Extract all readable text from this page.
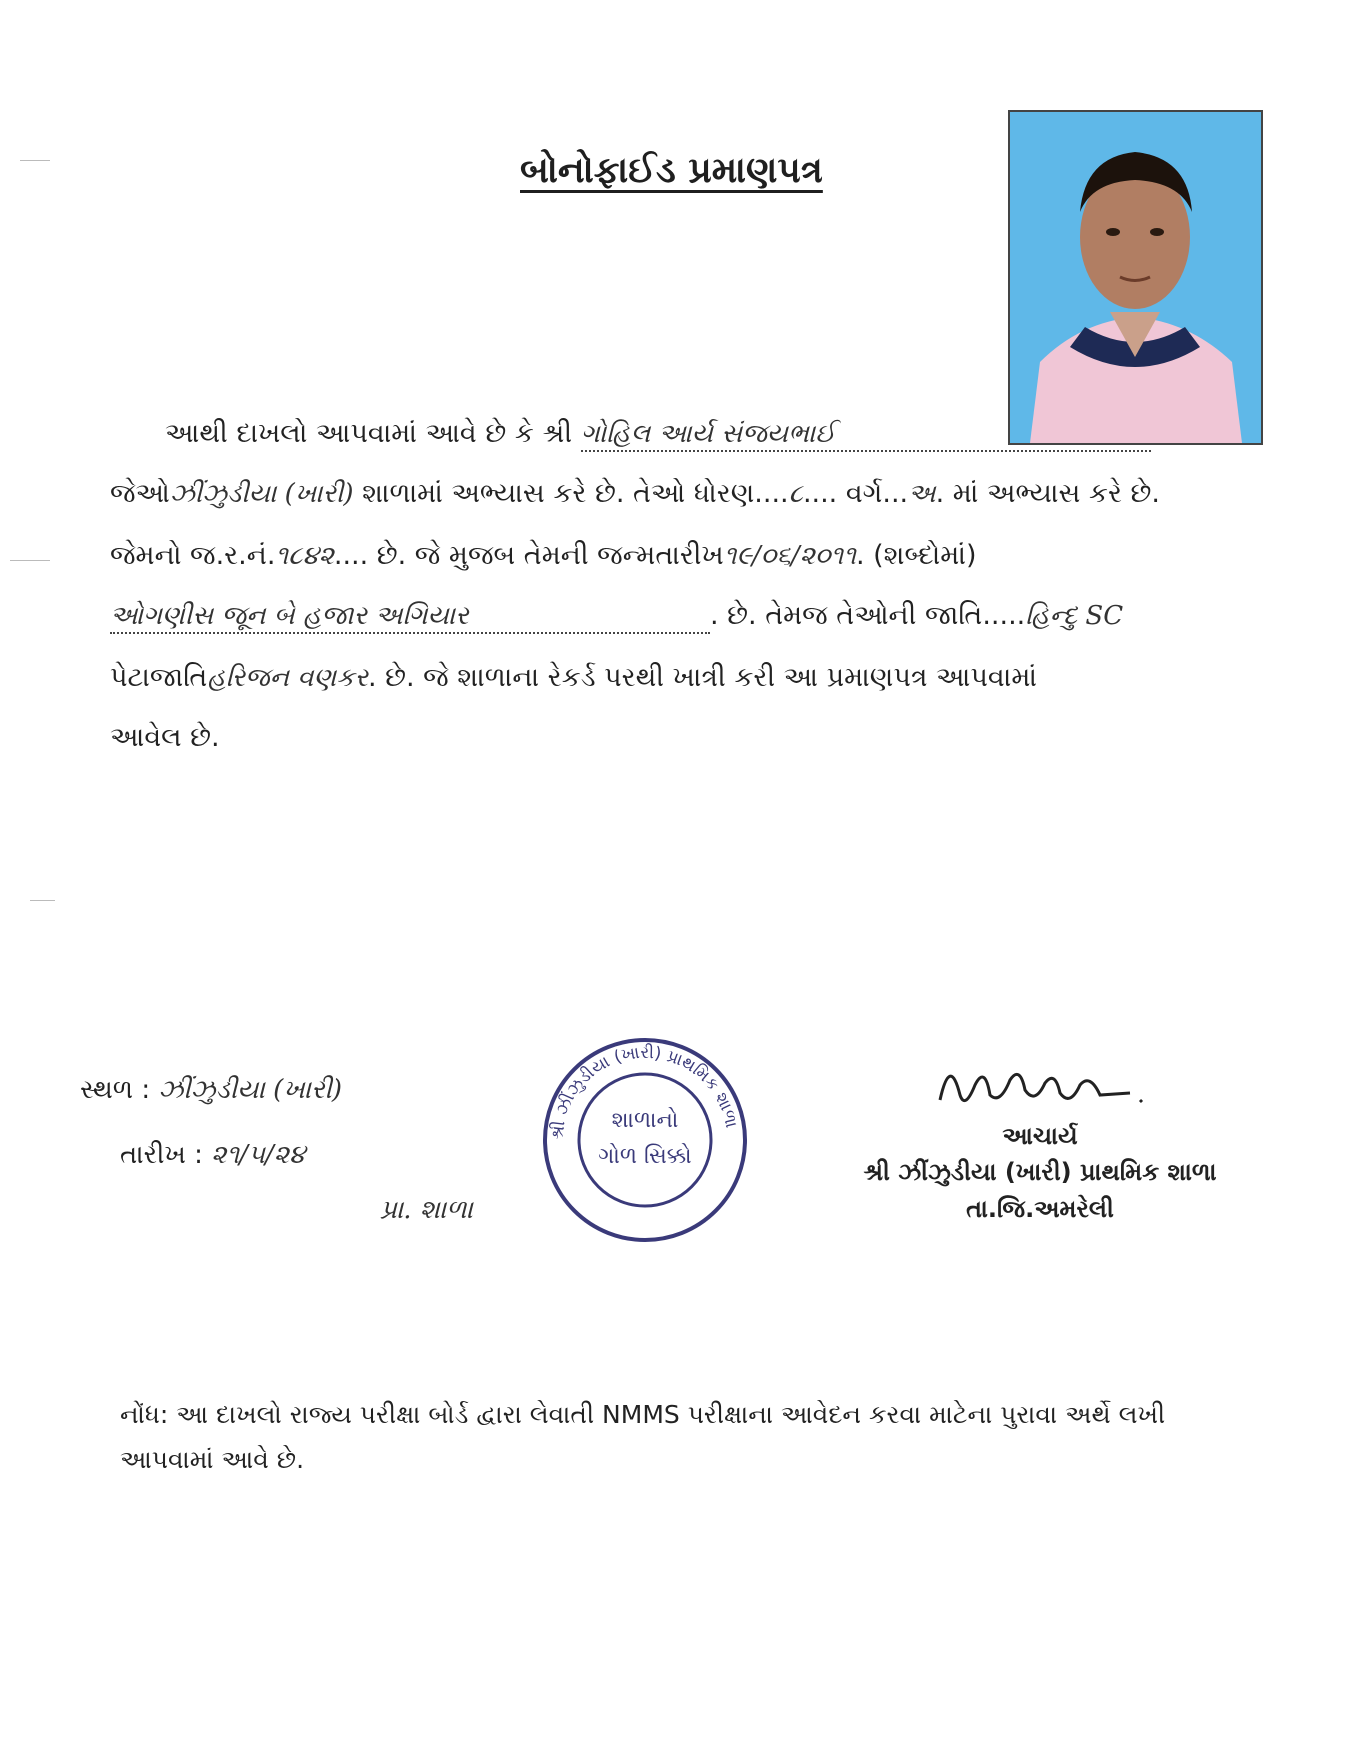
બોનોફાઈડ પ્રમાણપત્ર
આથી દાખલો આપવામાં આવે છે કે શ્રી ગોહિલ આર્ય સંજયભાઈ
જેઓઝીંઝુડીયા (ખારી) શાળામાં અભ્યાસ કરે છે. તેઓ ધોરણ....૮.... વર્ગ...અ. માં અભ્યાસ કરે છે.
જેમનો જ.ર.નં.૧૮૪૨.... છે. જે મુજબ તેમની જન્મતારીખ૧૯/૦૬/૨૦૧૧. (શબ્દોમાં)
ઓગણીસ જૂન બે હજાર અગિયાર	. છે. તેમજ તેઓની જાતિ.....હિન્દુ SC
પેટાજાતિહરિજન વણકર. છે. જે શાળાના રેકર્ડ પરથી ખાત્રી કરી આ પ્રમાણપત્ર આપવામાં
આવેલ છે.
સ્થળ : ઝીંઝુડીયા (ખારી)
તારીખ : ૨૧/૫/૨૪
પ્રા. શાળા
શ્રી ઝીંઝુડીયા (ખારી) પ્રાથમિક શાળા
શાળાનો
ગોળ સિક્કો
આચાર્ય
શ્રી ઝીંઝુડીયા (ખારી) પ્રાથમિક શાળા
તા.જિ.અમરેલી
નોંધ: આ દાખલો રાજ્ય પરીક્ષા બોર્ડ દ્વારા લેવાતી NMMS પરીક્ષાના આવેદન કરવા માટેના પુરાવા અર્થે લખી
આપવામાં આવે છે.
